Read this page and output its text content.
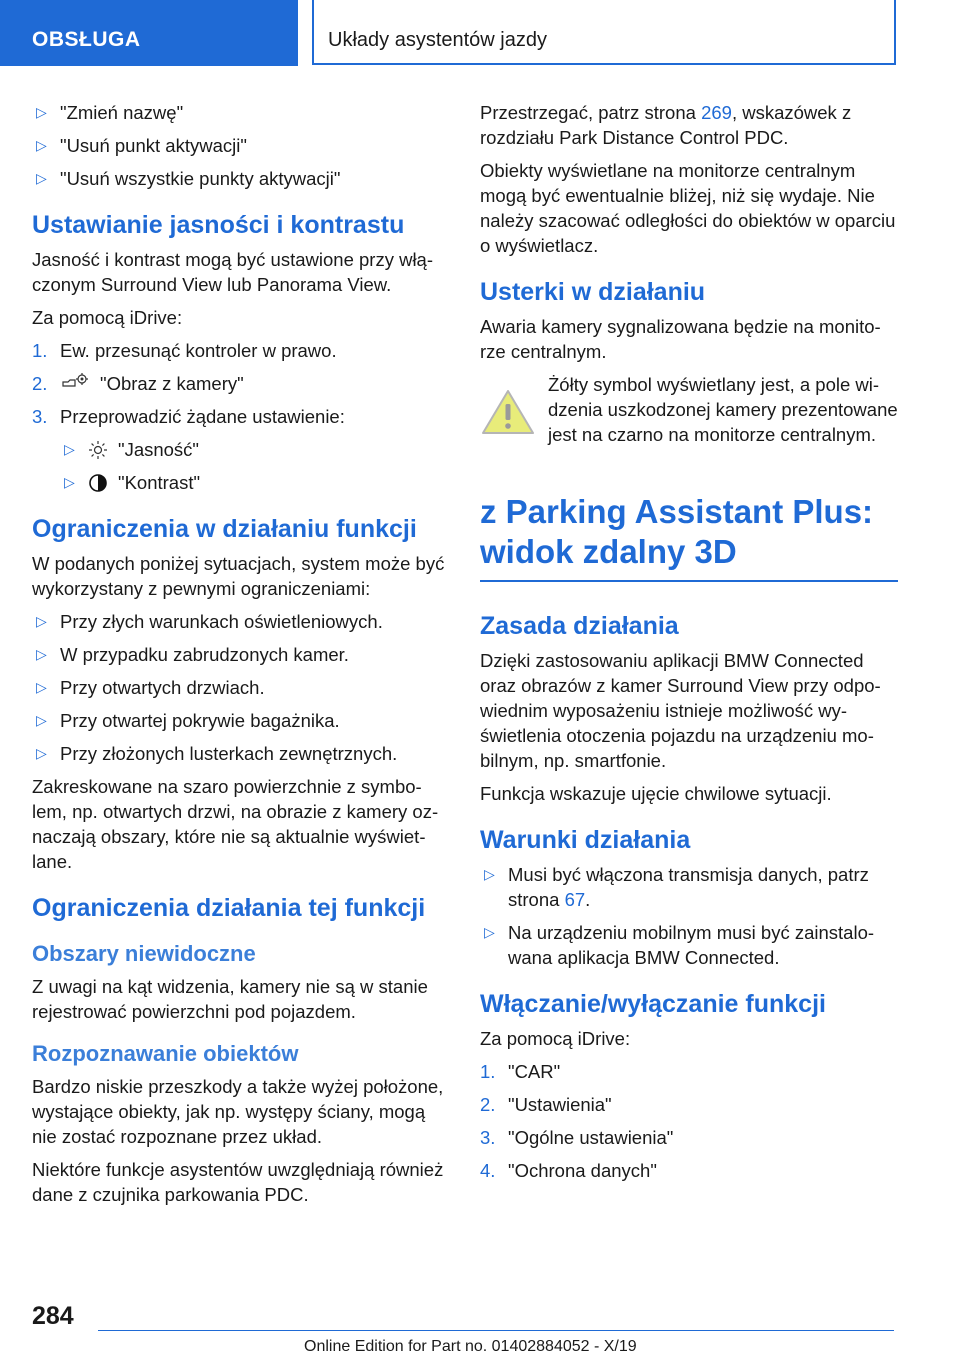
OBSŁUGA	Układy asystentów jazdy
▷ "Zmień nazwę"
▷ "Usuń punkt aktywacji"
▷ "Usuń wszystkie punkty aktywacji"
Ustawianie jasności i kontrastu

Jasność i kontrast mogą być ustawione przy włączonym Surround View lub Panorama View.

Za pomocą iDrive:

1. Ew. przesunąć kontroler w prawo.
2.	"Obraz z kamery"
3. Przeprowadzić żądane ustawienie:
▷ "Jasność"
▷ "Kontrast"
Ograniczenia w działaniu funkcji

W podanych poniżej sytuacjach, system może być wykorzystany z pewnymi ograniczeniami:

▷ Przy złych warunkach oświetleniowych.
▷ W przypadku zabrudzonych kamer.
▷ Przy otwartych drzwiach.
▷ Przy otwartej pokrywie bagażnika.
▷ Przy złożonych lusterkach zewnętrznych.

Zakreskowane na szaro powierzchnie z symbolem, np. otwartych drzwi, na obrazie z kamery oznaczają obszary, które nie są aktualnie wyświetlane.

Ograniczenia działania tej funkcji
Obszary niewidoczne

Z uwagi na kąt widzenia, kamery nie są w stanie rejestrować powierzchni pod pojazdem.

Rozpoznawanie obiektów

Bardzo niskie przeszkody a także wyżej położone, wystające obiekty, jak np. występy ściany, mogą nie zostać rozpoznane przez układ.

Niektóre funkcje asystentów uwzględniają również dane z czujnika parkowania PDC.

Przestrzegać, patrz strona 269, wskazówek z rozdziału Park Distance Control PDC.

Obiekty wyświetlane na monitorze centralnym mogą być ewentualnie bliżej, niż się wydaje. Nie należy szacować odległości do obiektów w oparciu o wyświetlacz.

Usterki w działaniu

Awaria kamery sygnalizowana będzie na monitorze centralnym.

Żółty symbol wyświetlany jest, a pole widzenia uszkodzonej kamery prezentowane jest na czarno na monitorze centralnym.

z Parking Assistant Plus: widok zdalny 3D
Zasada działania

Dzięki zastosowaniu aplikacji BMW Connected oraz obrazów z kamer Surround View przy odpowiednim wyposażeniu istnieje możliwość wyświetlenia otoczenia pojazdu na urządzeniu mobilnym, np. smartfonie.

Funkcja wskazuje ujęcie chwilowe sytuacji.

Warunki działania
▷ Musi być włączona transmisja danych, patrz strona 67.
▷ Na urządzeniu mobilnym musi być zainstalowana aplikacja BMW Connected.
Włączanie/wyłączanie funkcji

Za pomocą iDrive:

1. "CAR"
2. "Ustawienia"
3. "Ogólne ustawienia"
4. "Ochrona danych"
284
Online Edition for Part no. 01402884052 - X/19
